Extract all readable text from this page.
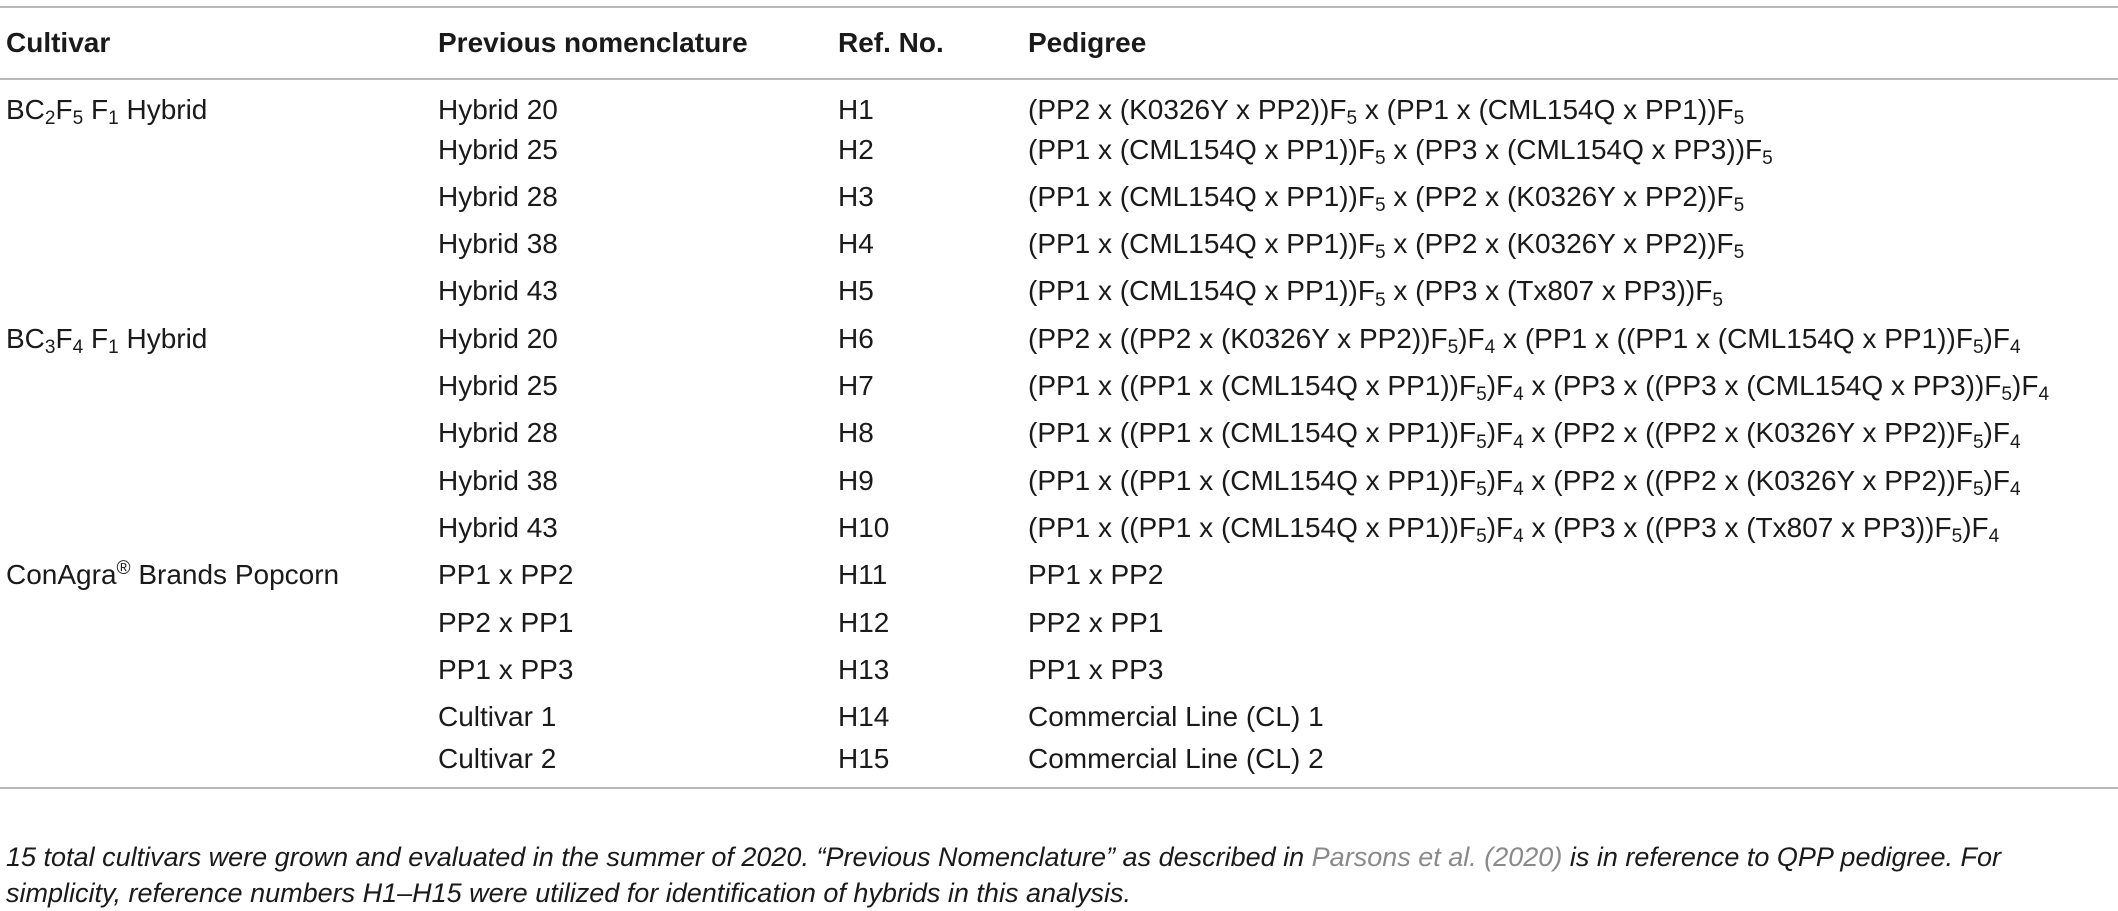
Cultivar	Previous nomenclature	Ref. No.	Pedigree
$BC_2F_5$ $F_1$ Hybrid	Hybrid 20	H1	(PP2 x (K0326Y x $PP2))F_5$ x (PP1 x (CML154Q x $PP1))F_5$
	Hybrid 25	H2	(PP1 x (CML154Q x $PP1))F_5$ x (PP3 x (CML154Q x $PP3))F_5$
	Hybrid 28	H3	(PP1 x (CML154Q x $PP1))F_5$ x (PP2 x (K0326Y x $PP2))F_5$
	Hybrid 38	H4	(PP1 x (CML154Q x $PP1))F_5$ x (PP2 x (K0326Y x $PP2))F_5$
	Hybrid 43	H5	(PP1 x (CML154Q x $PP1))F_5$ x (PP3 x (Tx807 x $PP3))F_5$
$BC_3F_4$ $F_1$ Hybrid	Hybrid 20	H6	(PP2 x ((PP2 x (K0326Y x $PP2))F_5)F_4$ x (PP1 x ((PP1 x (CML154Q x $PP1))F_5)F_4$
	Hybrid 25	H7	(PP1 x ((PP1 x (CML154Q x $PP1))F_5)F_4$ x (PP3 x ((PP3 x (CML154Q x $PP3))F_5)F_4$
	Hybrid 28	H8	(PP1 x ((PP1 x (CML154Q x $PP1))F_5)F_4$ x (PP2 x ((PP2 x (K0326Y x $PP2))F_5)F_4$
	Hybrid 38	H9	(PP1 x ((PP1 x (CML154Q x $PP1))F_5)F_4$ x (PP2 x ((PP2 x (K0326Y x $PP2))F_5)F_4$
	Hybrid 43	H10	(PP1 x ((PP1 x (CML154Q x $PP1))F_5)F_4$ x (PP3 x ((PP3 x (Tx807 x $PP3))F_5)F_4$
ConAgra® Brands Popcorn	PP1 x PP2	H11	PP1 x PP2
	PP2 x PP1	H12	PP2 x PP1
	PP1 x PP3	H13	PP1 x PP3
	Cultivar 1	H14	Commercial Line (CL) 1
	Cultivar 2	H15	Commercial Line (CL) 2

15 total cultivars were grown and evaluated in the summer of 2020. “Previous Nomenclature” as described in Parsons et al. (2020) is in reference to QPP pedigree. For simplicity, reference numbers H1–H15 were utilized for identification of hybrids in this analysis.
